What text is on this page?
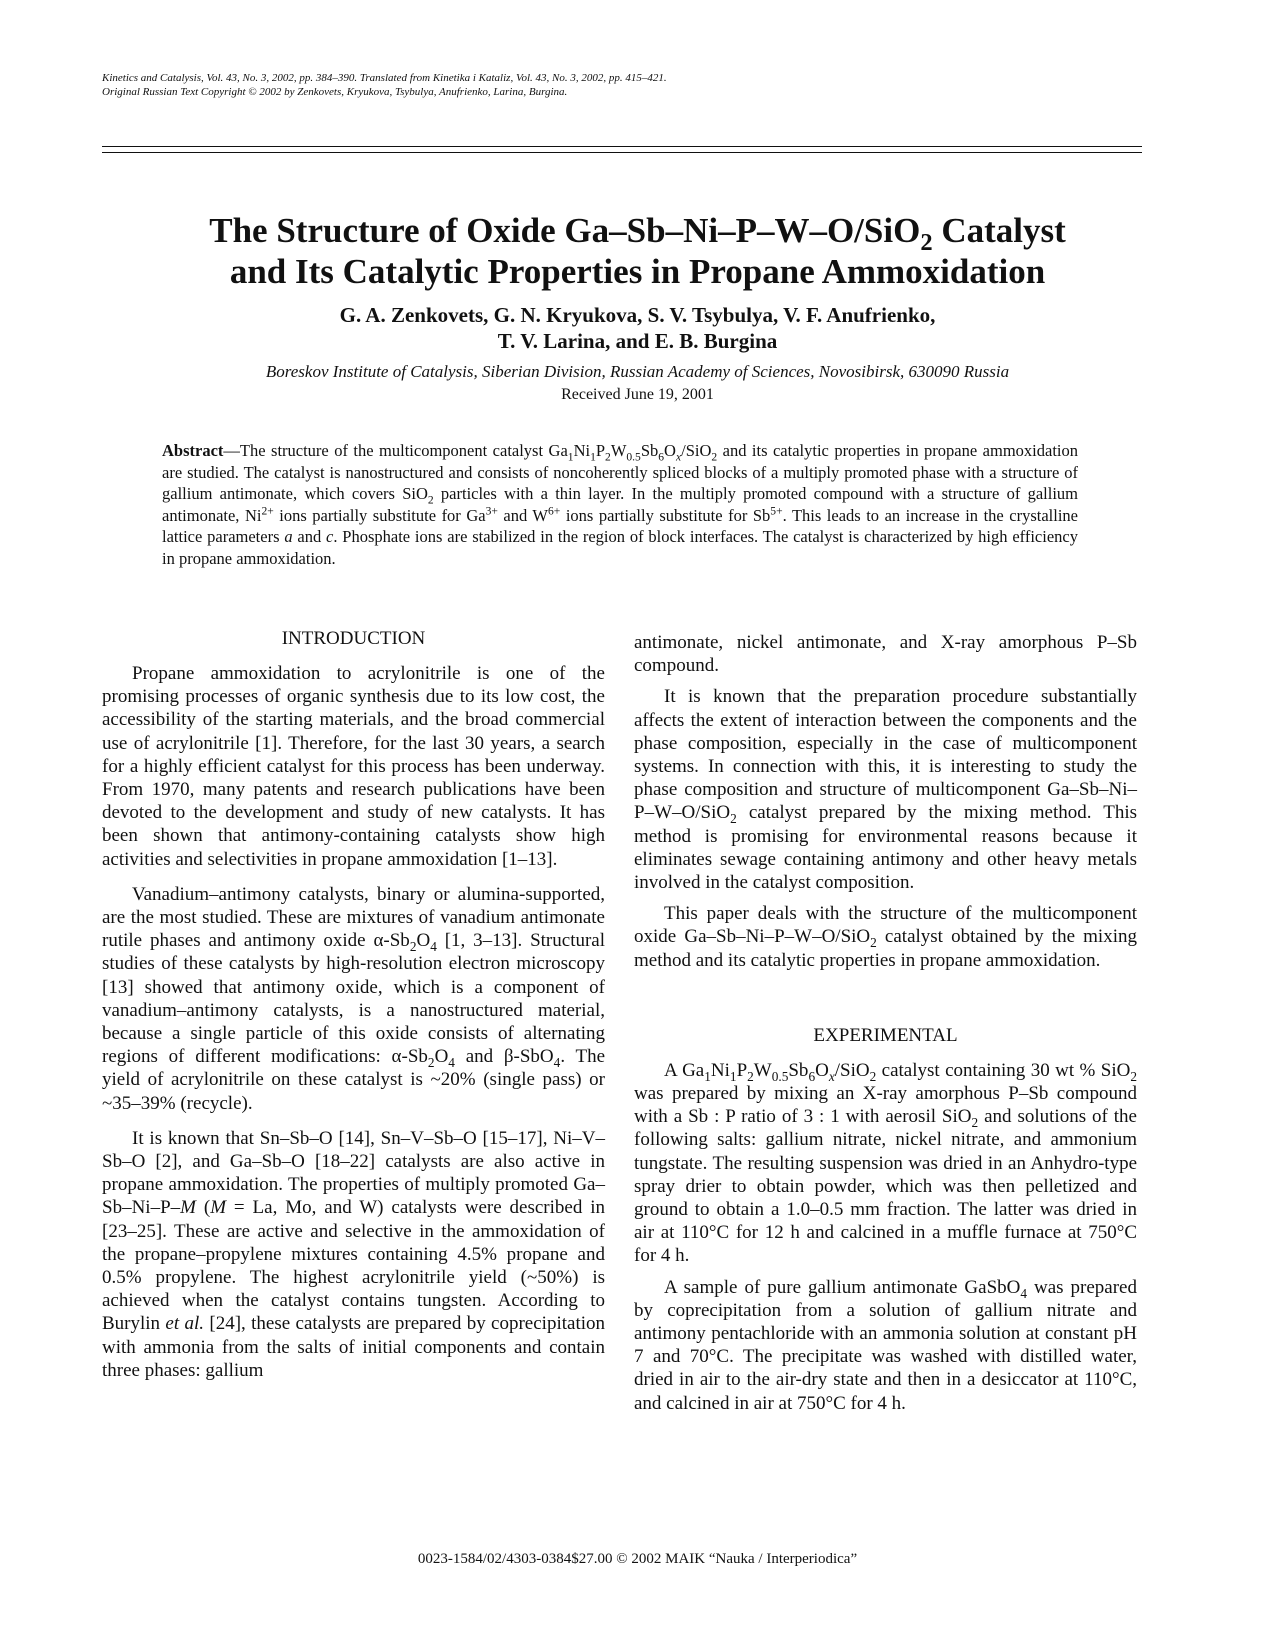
Kinetics and Catalysis, Vol. 43, No. 3, 2002, pp. 384–390. Translated from Kinetika i Kataliz, Vol. 43, No. 3, 2002, pp. 415–421.
Original Russian Text Copyright © 2002 by Zenkovets, Kryukova, Tsybulya, Anufrienko, Larina, Burgina.
The Structure of Oxide Ga–Sb–Ni–P–W–O/SiO$_2$ Catalyst
and Its Catalytic Properties in Propane Ammoxidation
G. A. Zenkovets, G. N. Kryukova, S. V. Tsybulya, V. F. Anufrienko,
T. V. Larina, and E. B. Burgina
Boreskov Institute of Catalysis, Siberian Division, Russian Academy of Sciences, Novosibirsk, 630090 Russia
Received June 19, 2001
Abstract—The structure of the multicomponent catalyst $Ga_1Ni_1P_2W_{0.5}Sb_6O_x/SiO_2$ and its catalytic properties in propane ammoxidation are studied. The catalyst is nanostructured and consists of noncoherently spliced blocks of a multiply promoted phase with a structure of gallium antimonate, which covers SiO$_2$ particles with a thin layer. In the multiply promoted compound with a structure of gallium antimonate, $Ni^{2+}$ ions partially substitute for $Ga^{3+}$ and $W^{6+}$ ions partially substitute for $Sb^{5+}$. This leads to an increase in the crystalline lattice parameters a and c. Phosphate ions are stabilized in the region of block interfaces. The catalyst is characterized by high efficiency in propane ammoxidation.
INTRODUCTION

Propane ammoxidation to acrylonitrile is one of the promising processes of organic synthesis due to its low cost, the accessibility of the starting materials, and the broad commercial use of acrylonitrile [1]. Therefore, for the last 30 years, a search for a highly efficient catalyst for this process has been underway. From 1970, many patents and research publications have been devoted to the development and study of new catalysts. It has been shown that antimony-containing catalysts show high activities and selectivities in propane ammoxidation [1–13].

Vanadium–antimony catalysts, binary or alumina-supported, are the most studied. These are mixtures of vanadium antimonate rutile phases and antimony oxide $\alpha-Sb_2O_4$ [1, 3–13]. Structural studies of these catalysts by high-resolution electron microscopy [13] showed that antimony oxide, which is a component of vanadium–antimony catalysts, is a nanostructured material, because a single particle of this oxide consists of alternating regions of different modifications: $\alpha-Sb_2O_4$ and β-SbO$_4$. The yield of acrylonitrile on these catalyst is ~20% (single pass) or ~35–39% (recycle).

It is known that Sn–Sb–O [14], Sn–V–Sb–O [15–17], Ni–V–Sb–O [2], and Ga–Sb–O [18–22] catalysts are also active in propane ammoxidation. The properties of multiply promoted Ga–Sb–Ni–P–M (M = La, Mo, and W) catalysts were described in [23–25]. These are active and selective in the ammoxidation of the propane–propylene mixtures containing 4.5% propane and 0.5% propylene. The highest acrylonitrile yield (~50%) is achieved when the catalyst contains tungsten. According to Burylin et al. [24], these catalysts are prepared by coprecipitation with ammonia from the salts of initial components and contain three phases: gallium

antimonate, nickel antimonate, and X-ray amorphous P–Sb compound.

It is known that the preparation procedure substantially affects the extent of interaction between the components and the phase composition, especially in the case of multicomponent systems. In connection with this, it is interesting to study the phase composition and structure of multicomponent Ga–Sb–Ni–P–W–O/SiO$_2$ catalyst prepared by the mixing method. This method is promising for environmental reasons because it eliminates sewage containing antimony and other heavy metals involved in the catalyst composition.

This paper deals with the structure of the multicomponent oxide Ga–Sb–Ni–P–W–O/SiO$_2$ catalyst obtained by the mixing method and its catalytic properties in propane ammoxidation.

EXPERIMENTAL

A $Ga_1Ni_1P_2W_{0.5}Sb_6O_x/SiO_2$ catalyst containing 30 wt % SiO$_2$ was prepared by mixing an X-ray amorphous P–Sb compound with a Sb : P ratio of 3 : 1 with aerosil SiO$_2$ and solutions of the following salts: gallium nitrate, nickel nitrate, and ammonium tungstate. The resulting suspension was dried in an Anhydro-type spray drier to obtain powder, which was then pelletized and ground to obtain a 1.0–0.5 mm fraction. The latter was dried in air at 110°C for 12 h and calcined in a muffle furnace at 750°C for 4 h.

A sample of pure gallium antimonate GaSbO$_4$ was prepared by coprecipitation from a solution of gallium nitrate and antimony pentachloride with an ammonia solution at constant pH 7 and 70°C. The precipitate was washed with distilled water, dried in air to the air-dry state and then in a desiccator at 110°C, and calcined in air at 750°C for 4 h.

0023-1584/02/4303-0384$27.00 © 2002 MAIK “Nauka / Interperiodica”
